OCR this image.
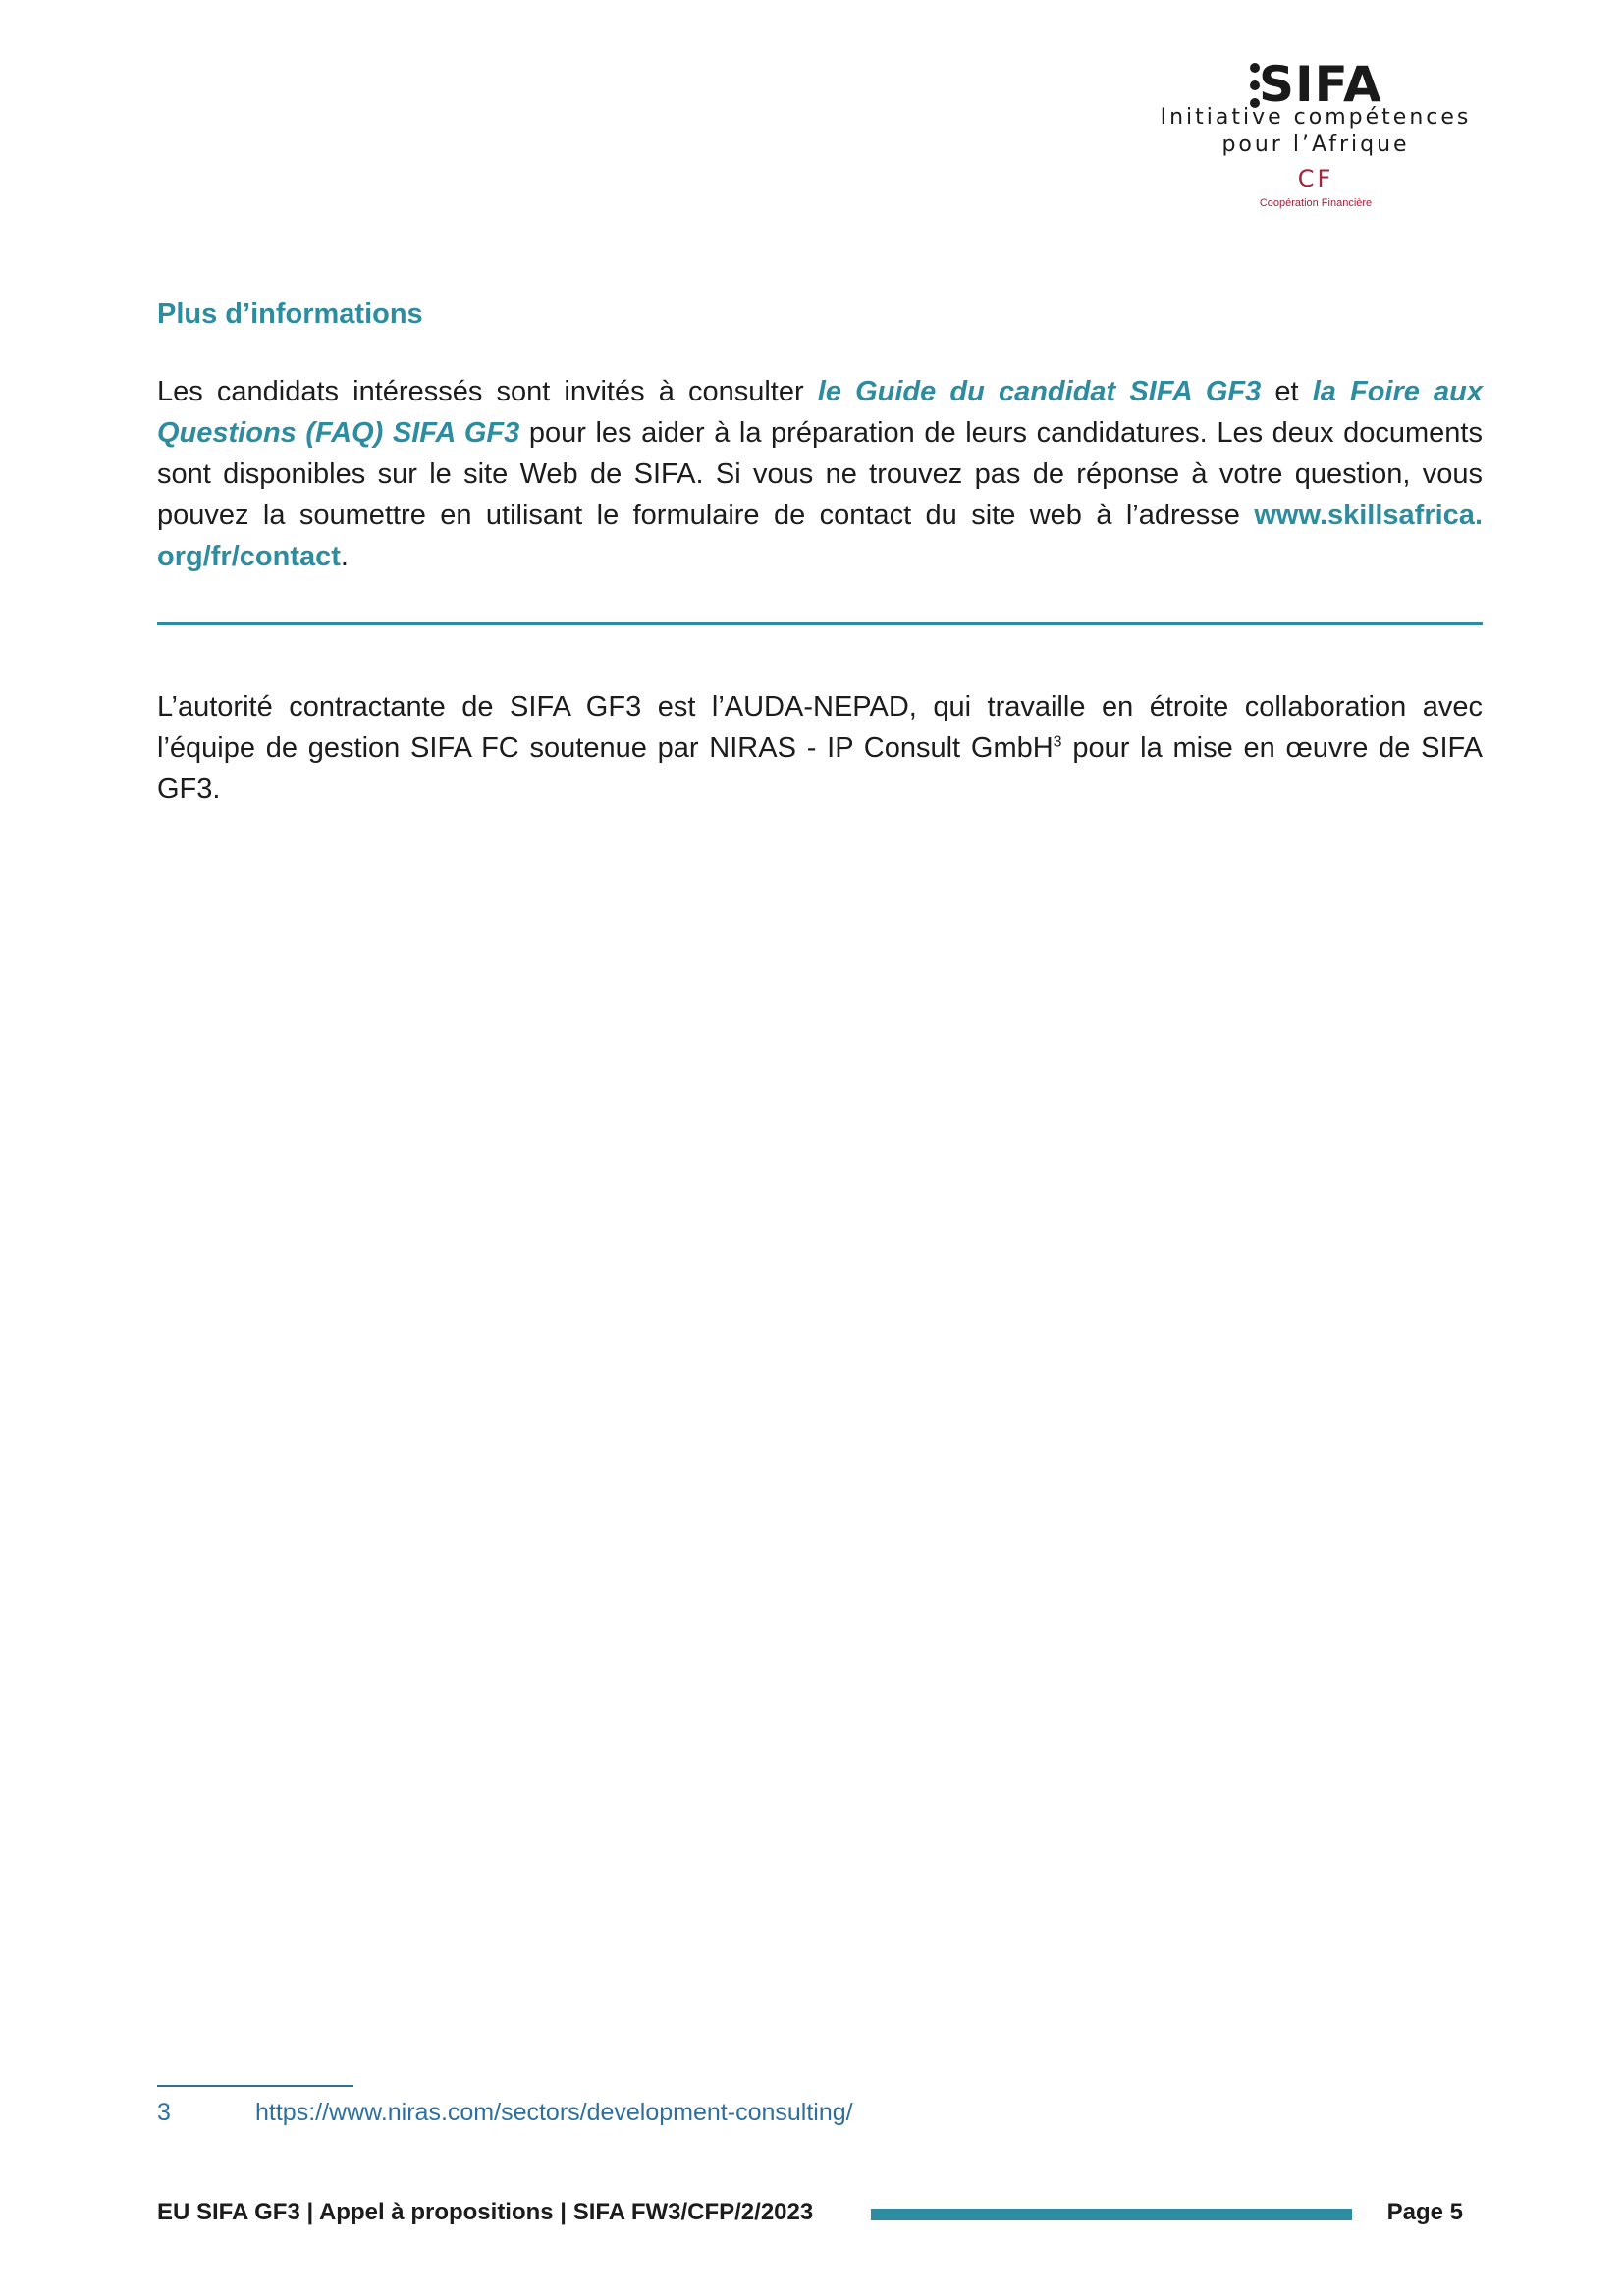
SIFA
Initiative compétences
pour l’Afrique
CF
Coopération Financière
Plus d’informations

Les candidats intéressés sont invités à consulter le Guide du candidat SIFA GF3 et la Foire aux Questions (FAQ) SIFA GF3 pour les aider à la préparation de leurs candidatures. Les deux documents sont disponibles sur le site Web de SIFA. Si vous ne trouvez pas de réponse à votre question, vous pouvez la soumettre en utilisant le formulaire de contact du site web à l’adresse www.skillsafrica. org/fr/contact.

L’autorité contractante de SIFA GF3 est l’AUDA-NEPAD, qui travaille en étroite collaboration avec l’équipe de gestion SIFA FC soutenue par NIRAS - IP Consult GmbH$^3$ pour la mise en œuvre de SIFA GF3.

3	https://www.niras.com/sectors/development-consulting/
EU SIFA GF3 | Appel à propositions | SIFA FW3/CFP/2/2023	Page 5
